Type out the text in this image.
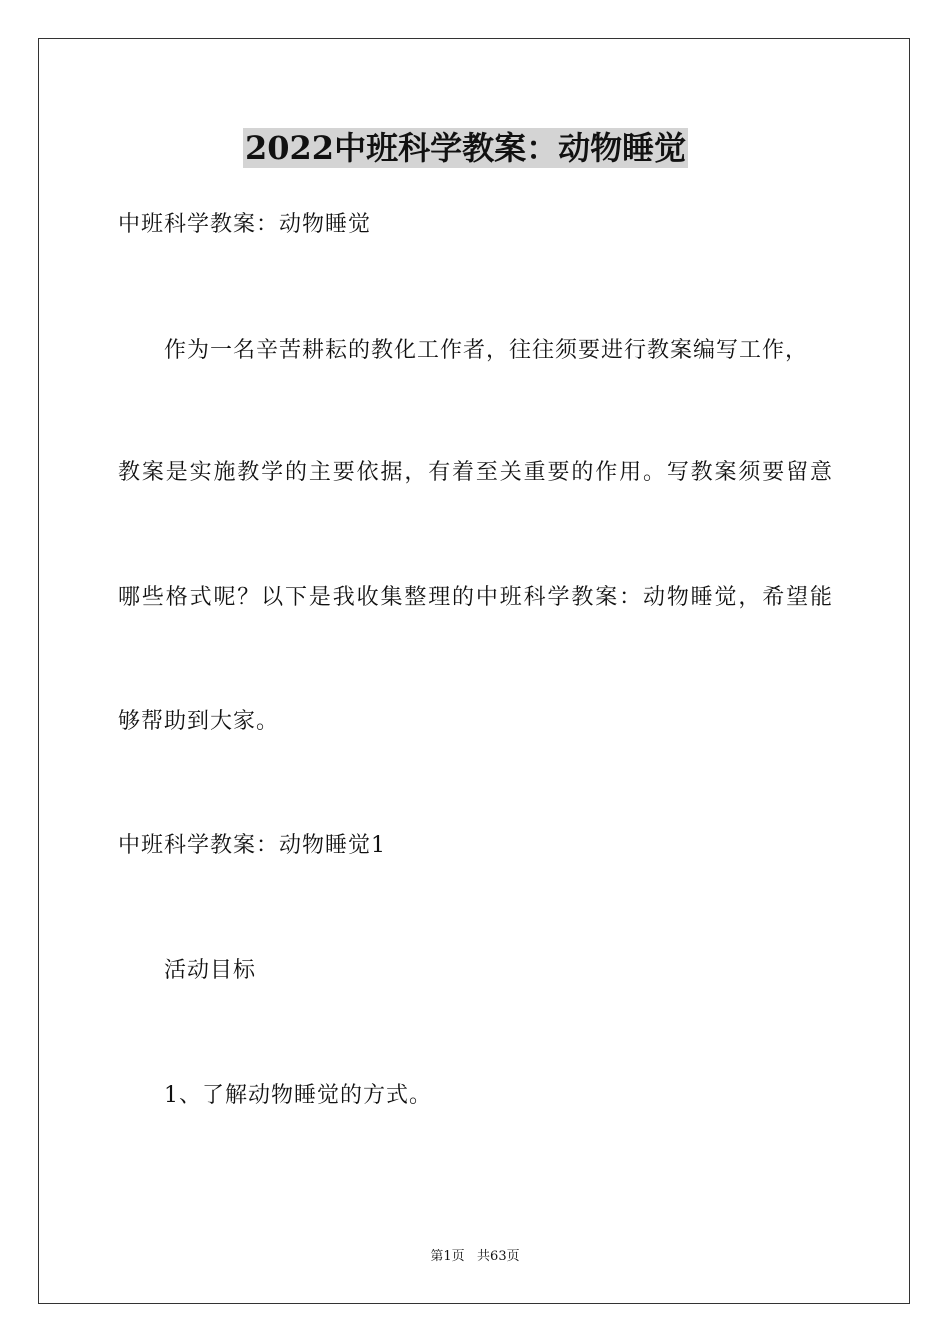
2022中班科学教案：动物睡觉
中班科学教案：动物睡觉
作为一名辛苦耕耘的教化工作者，往往须要进行教案编写工作，
教案是实施教学的主要依据，有着至关重要的作用。写教案须要留意
哪些格式呢？以下是我收集整理的中班科学教案：动物睡觉，希望能
够帮助到大家。
中班科学教案：动物睡觉1
活动目标
1、了解动物睡觉的方式。
第1页   共63页
